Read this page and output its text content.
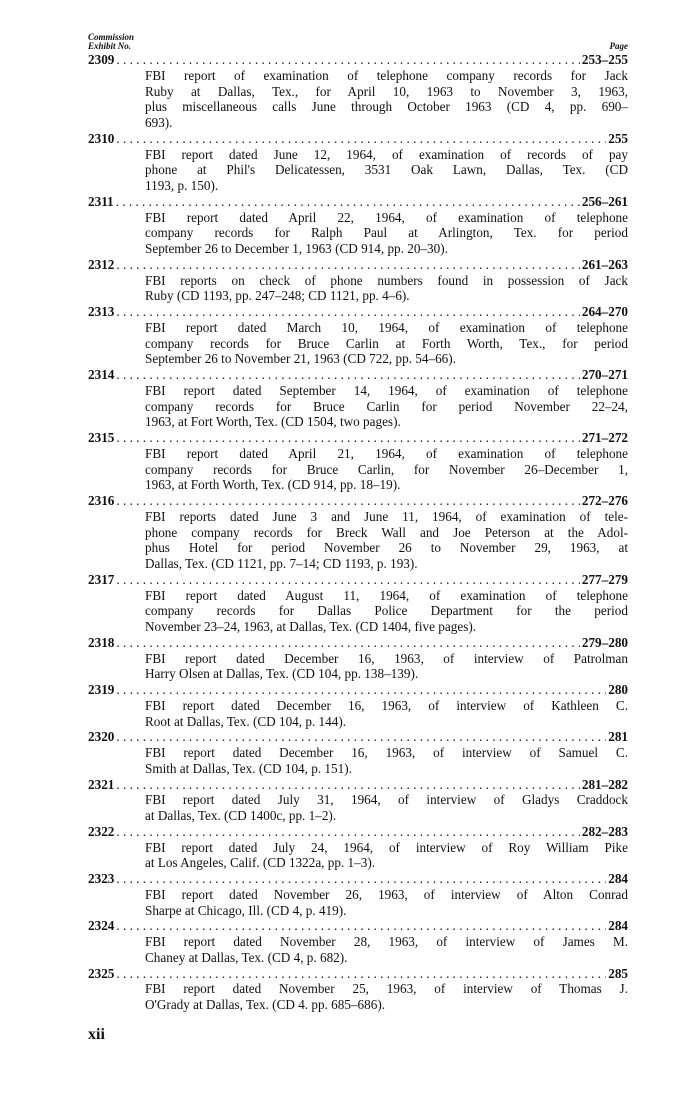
Commission
Exhibit No.	Page
2309 . . .	253–255
FBI report of examination of telephone company records for Jack
Ruby at Dallas, Tex., for April 10, 1963 to November 3, 1963,
plus miscellaneous calls June through October 1963 (CD 4, pp. 690–
693).
2310 . . .	255
FBI report dated June 12, 1964, of examination of records of pay
phone at Phil's Delicatessen, 3531 Oak Lawn, Dallas, Tex. (CD
1193, p. 150).
2311 . . .	256–261
FBI report dated April 22, 1964, of examination of telephone
company records for Ralph Paul at Arlington, Tex. for period
September 26 to December 1, 1963 (CD 914, pp. 20–30).
2312 . . .	261–263
FBI reports on check of phone numbers found in possession of Jack
Ruby (CD 1193, pp. 247–248; CD 1121, pp. 4–6).
2313 . . .	264–270
FBI report dated March 10, 1964, of examination of telephone
company records for Bruce Carlin at Forth Worth, Tex., for period
September 26 to November 21, 1963 (CD 722, pp. 54–66).
2314 . . .	270–271
FBI report dated September 14, 1964, of examination of telephone
company records for Bruce Carlin for period November 22–24,
1963, at Fort Worth, Tex. (CD 1504, two pages).
2315 . . .	271–272
FBI report dated April 21, 1964, of examination of telephone
company records for Bruce Carlin, for November 26–December 1,
1963, at Forth Worth, Tex. (CD 914, pp. 18–19).
2316 . . .	272–276
FBI reports dated June 3 and June 11, 1964, of examination of tele-
phone company records for Breck Wall and Joe Peterson at the Adol-
phus Hotel for period November 26 to November 29, 1963, at
Dallas, Tex. (CD 1121, pp. 7–14; CD 1193, p. 193).
2317 . . .	277–279
FBI report dated August 11, 1964, of examination of telephone
company records for Dallas Police Department for the period
November 23–24, 1963, at Dallas, Tex. (CD 1404, five pages).
2318 . . .	279–280
FBI report dated December 16, 1963, of interview of Patrolman
Harry Olsen at Dallas, Tex. (CD 104, pp. 138–139).
2319 . . .	280
FBI report dated December 16, 1963, of interview of Kathleen C.
Root at Dallas, Tex. (CD 104, p. 144).
2320 . . .	281
FBI report dated December 16, 1963, of interview of Samuel C.
Smith at Dallas, Tex. (CD 104, p. 151).
2321 . . .	281–282
FBI report dated July 31, 1964, of interview of Gladys Craddock
at Dallas, Tex. (CD 1400c, pp. 1–2).
2322 . . .	282–283
FBI report dated July 24, 1964, of interview of Roy William Pike
at Los Angeles, Calif. (CD 1322a, pp. 1–3).
2323 . . .	284
FBI report dated November 26, 1963, of interview of Alton Conrad
Sharpe at Chicago, Ill. (CD 4, p. 419).
2324 . . .	284
FBI report dated November 28, 1963, of interview of James M.
Chaney at Dallas, Tex. (CD 4, p. 682).
2325 . . .	285
FBI report dated November 25, 1963, of interview of Thomas J.
O'Grady at Dallas, Tex. (CD 4. pp. 685–686).
xii
